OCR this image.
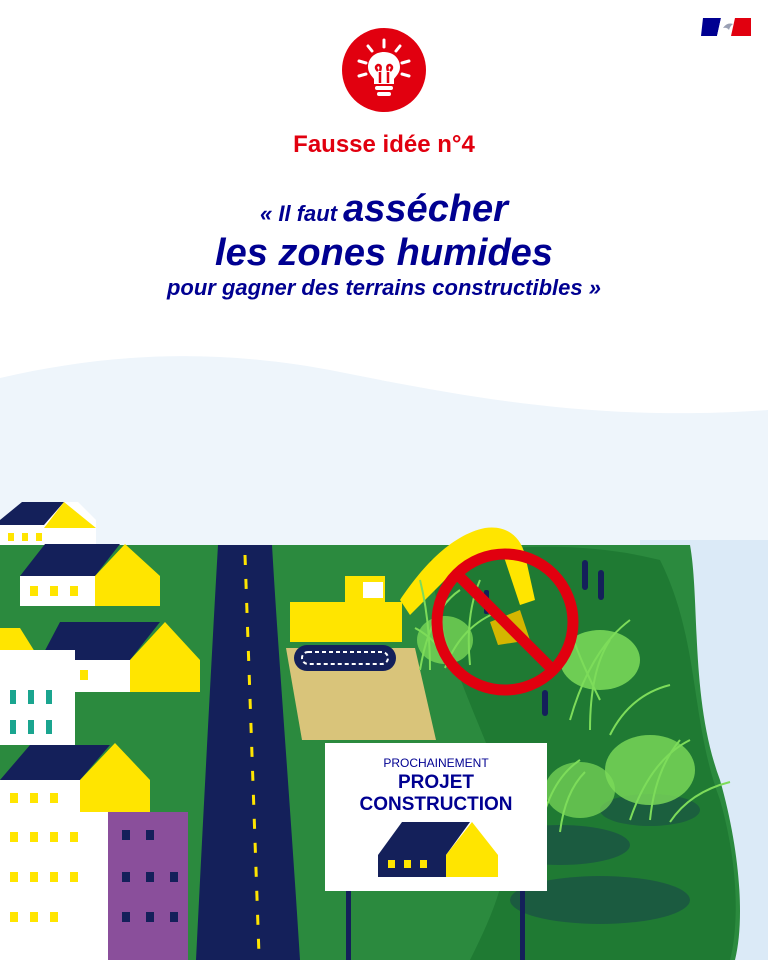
Fausse idée n°4
« Il faut assécher
les zones humides
pour gagner des terrains constructibles »
PROCHAINEMENT
PROJET
CONSTRUCTION
